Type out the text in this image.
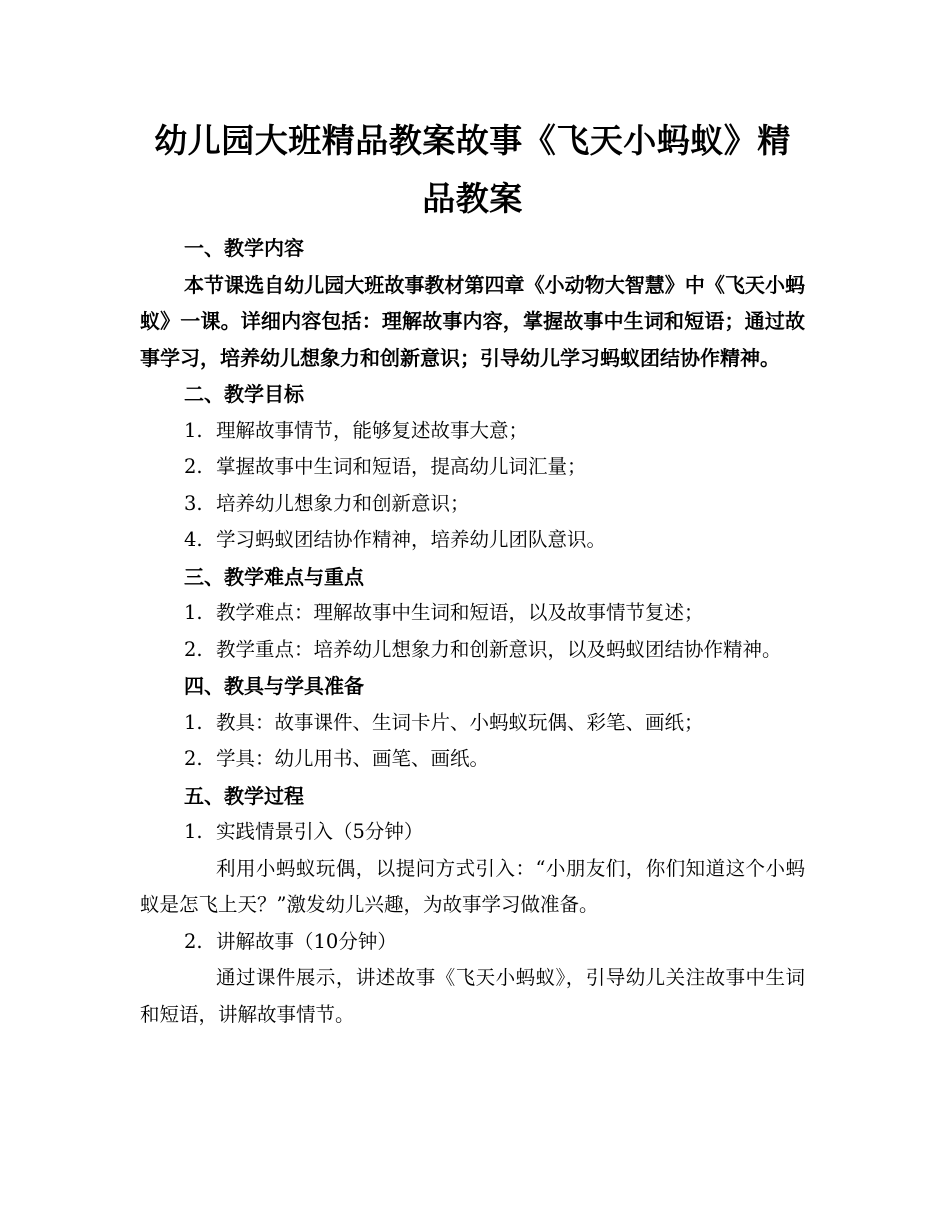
幼儿园大班精品教案故事《飞天小蚂蚁》精品教案
一、教学内容

本节课选自幼儿园大班故事教材第四章《小动物大智慧》中《飞天小蚂蚁》一课。详细内容包括：理解故事内容，掌握故事中生词和短语；通过故事学习，培养幼儿想象力和创新意识；引导幼儿学习蚂蚁团结协作精神。

二、教学目标
1. 理解故事情节，能够复述故事大意；
2. 掌握故事中生词和短语，提高幼儿词汇量；
3. 培养幼儿想象力和创新意识；
4. 学习蚂蚁团结协作精神，培养幼儿团队意识。
三、教学难点与重点
1. 教学难点：理解故事中生词和短语，以及故事情节复述；

2. 教学重点：培养幼儿想象力和创新意识，以及蚂蚁团结协作精神。

四、教具与学具准备
1. 教具：故事课件、生词卡片、小蚂蚁玩偶、彩笔、画纸；
2. 学具：幼儿用书、画笔、画纸。
五、教学过程
1. 实践情景引入（5分钟）

利用小蚂蚁玩偶，以提问方式引入：“小朋友们，你们知道这个小蚂蚁是怎飞上天？”激发幼儿兴趣，为故事学习做准备。

2. 讲解故事（10分钟）

通过课件展示，讲述故事《飞天小蚂蚁》，引导幼儿关注故事中生词和短语，讲解故事情节。
